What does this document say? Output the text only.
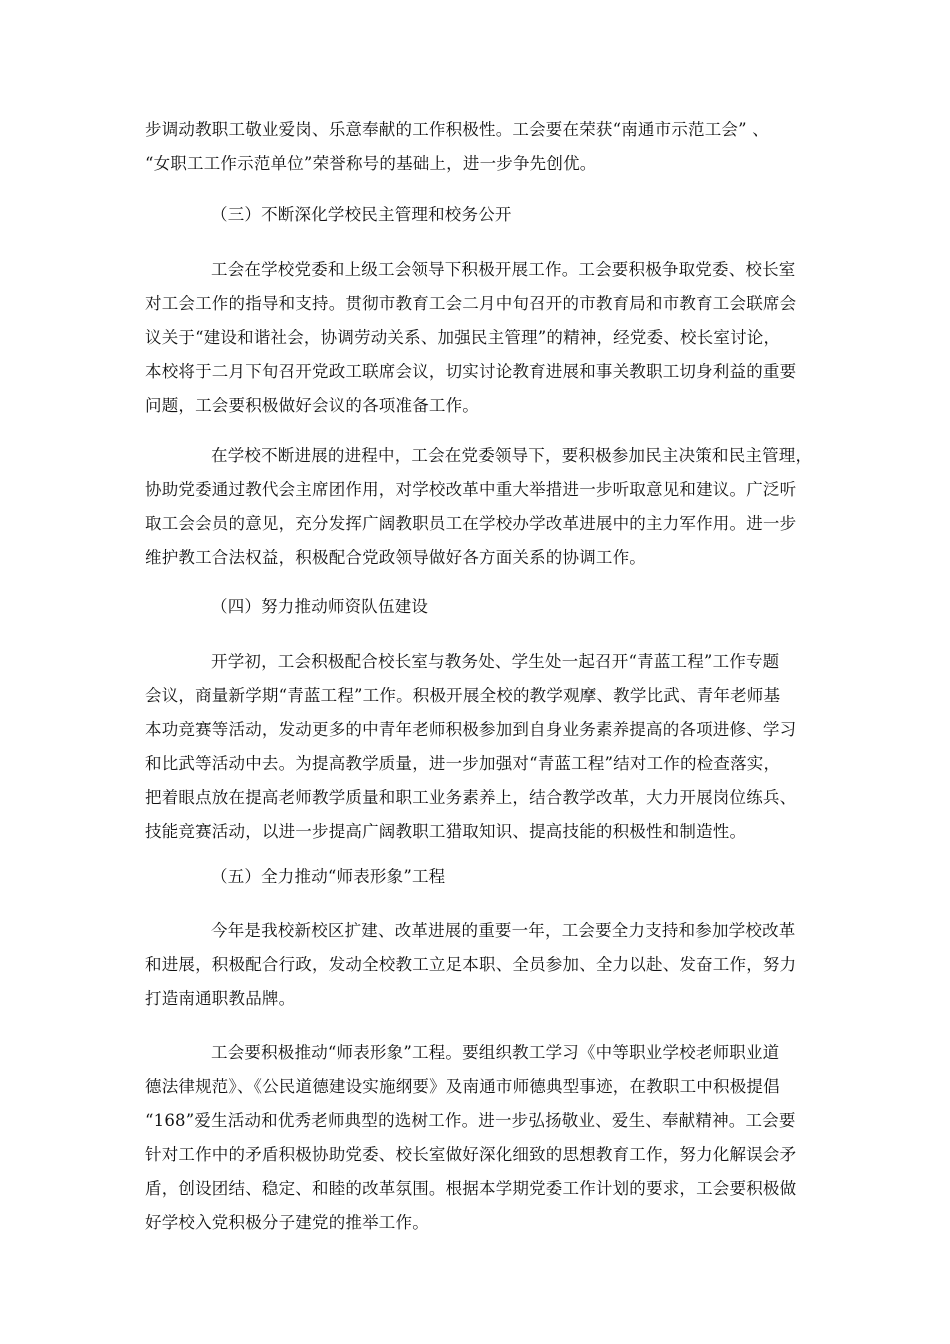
步调动教职工敬业爱岗、乐意奉献的工作积极性。工会要在荣获“南通市示范工会” 、
“女职工工作示范单位”荣誉称号的基础上，进一步争先创优。
（三）不断深化学校民主管理和校务公开
工会在学校党委和上级工会领导下积极开展工作。工会要积极争取党委、校长室
对工会工作的指导和支持。贯彻市教育工会二月中旬召开的市教育局和市教育工会联席会
议关于“建设和谐社会，协调劳动关系、加强民主管理”的精神，经党委、校长室讨论，
本校将于二月下旬召开党政工联席会议，切实讨论教育进展和事关教职工切身利益的重要
问题，工会要积极做好会议的各项准备工作。
在学校不断进展的进程中，工会在党委领导下，要积极参加民主决策和民主管理，
协助党委通过教代会主席团作用，对学校改革中重大举措进一步听取意见和建议。广泛听
取工会会员的意见，充分发挥广阔教职员工在学校办学改革进展中的主力军作用。进一步
维护教工合法权益，积极配合党政领导做好各方面关系的协调工作。
（四）努力推动师资队伍建设
开学初，工会积极配合校长室与教务处、学生处一起召开“青蓝工程”工作专题
会议，商量新学期“青蓝工程”工作。积极开展全校的教学观摩、教学比武、青年老师基
本功竞赛等活动，发动更多的中青年老师积极参加到自身业务素养提高的各项进修、学习
和比武等活动中去。为提高教学质量，进一步加强对“青蓝工程”结对工作的检查落实，
把着眼点放在提高老师教学质量和职工业务素养上，结合教学改革，大力开展岗位练兵、
技能竞赛活动，以进一步提高广阔教职工猎取知识、提高技能的积极性和制造性。
（五）全力推动“师表形象”工程
今年是我校新校区扩建、改革进展的重要一年，工会要全力支持和参加学校改革
和进展，积极配合行政，发动全校教工立足本职、全员参加、全力以赴、发奋工作，努力
打造南通职教品牌。
工会要积极推动“师表形象”工程。要组织教工学习《中等职业学校老师职业道
德法律规范》、《公民道德建设实施纲要》及南通市师德典型事迹，在教职工中积极提倡
“168”爱生活动和优秀老师典型的选树工作。进一步弘扬敬业、爱生、奉献精神。工会要
针对工作中的矛盾积极协助党委、校长室做好深化细致的思想教育工作，努力化解误会矛
盾，创设团结、稳定、和睦的改革氛围。根据本学期党委工作计划的要求，工会要积极做
好学校入党积极分子建党的推举工作。
